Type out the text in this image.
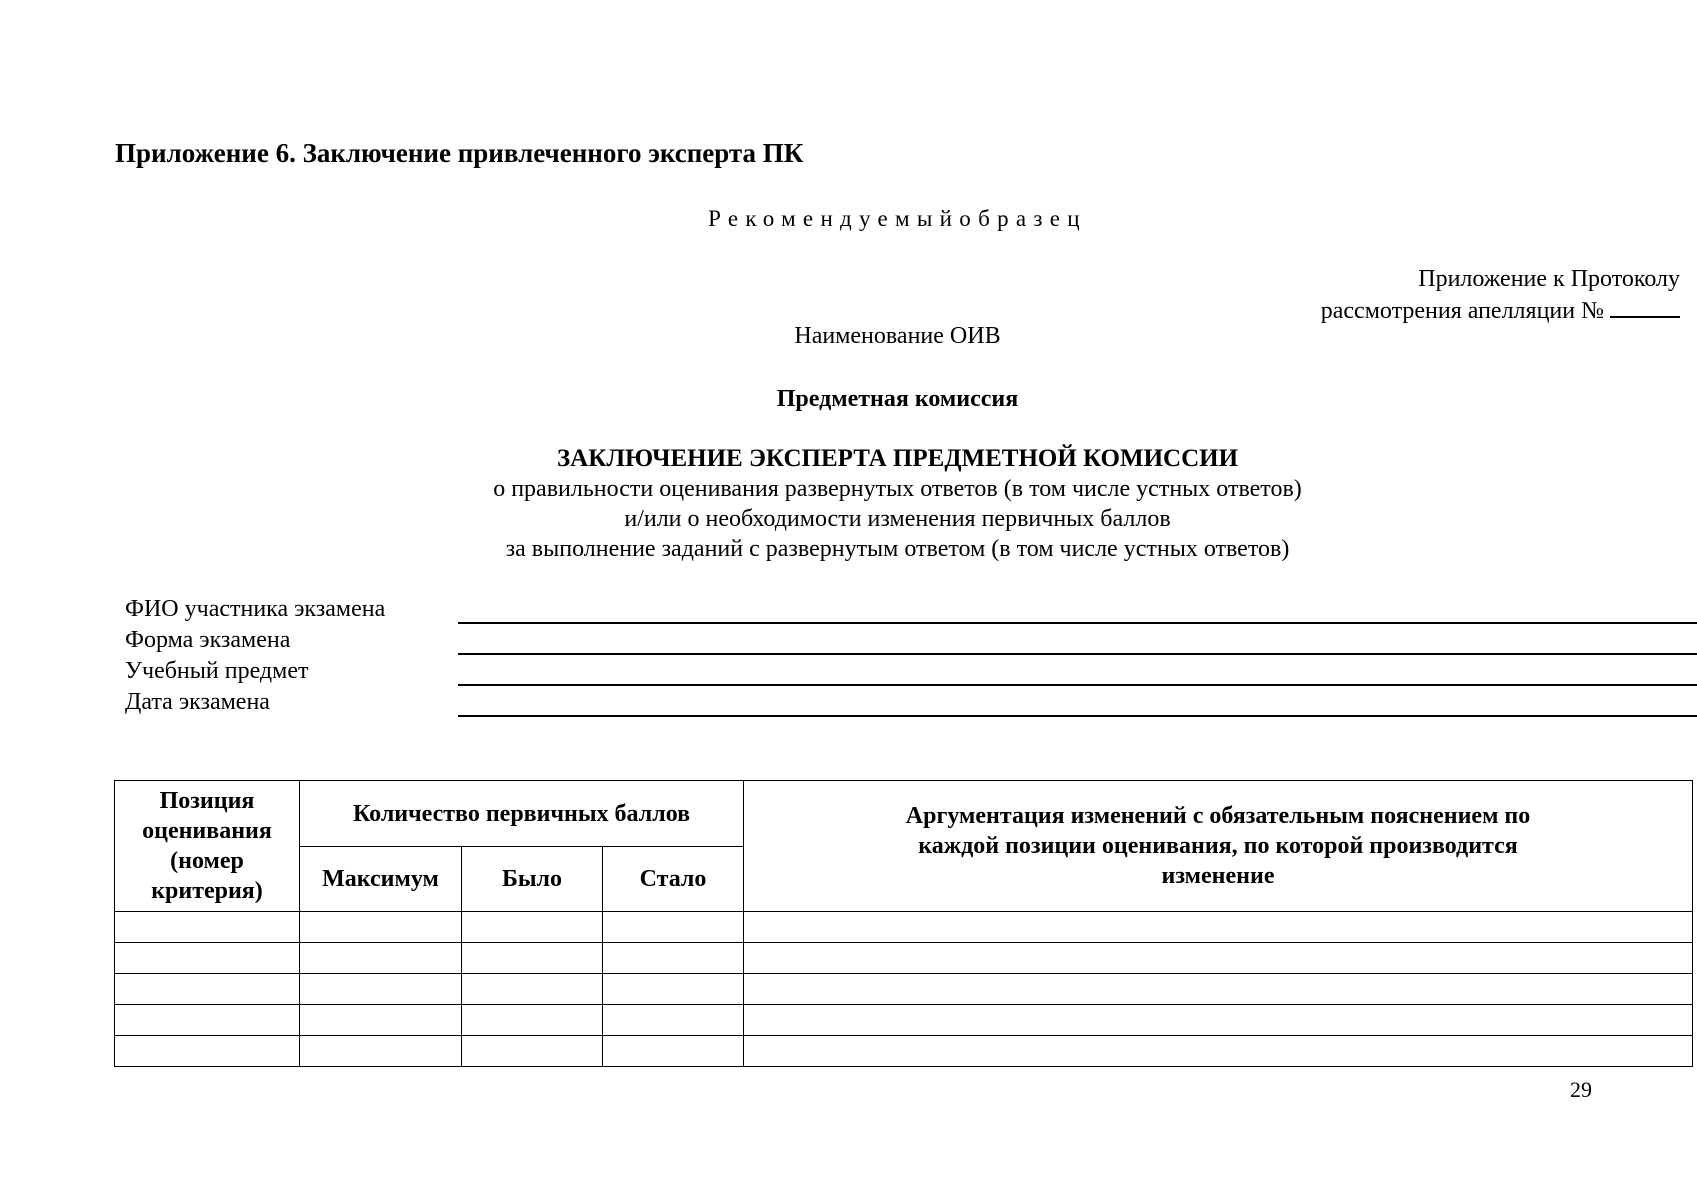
Приложение 6. Заключение привлеченного эксперта ПК
Рекомендуемыйобразец
Приложение к Протоколу
рассмотрения апелляции №
Наименование ОИВ
Предметная комиссия
ЗАКЛЮЧЕНИЕ ЭКСПЕРТА ПРЕДМЕТНОЙ КОМИССИИ
о правильности оценивания развернутых ответов (в том числе устных ответов)
и/или о необходимости изменения первичных баллов
за выполнение заданий с развернутым ответом (в том числе устных ответов)
ФИО участника экзамена
Форма экзамена
Учебный предмет
Дата экзамена
Позиция оценивания (номер критерия)	Количество первичных баллов			Аргументация изменений с обязательным пояснением по каждой позиции оценивания, по которой производится изменение

	Максимум	Было	Стало	

29
